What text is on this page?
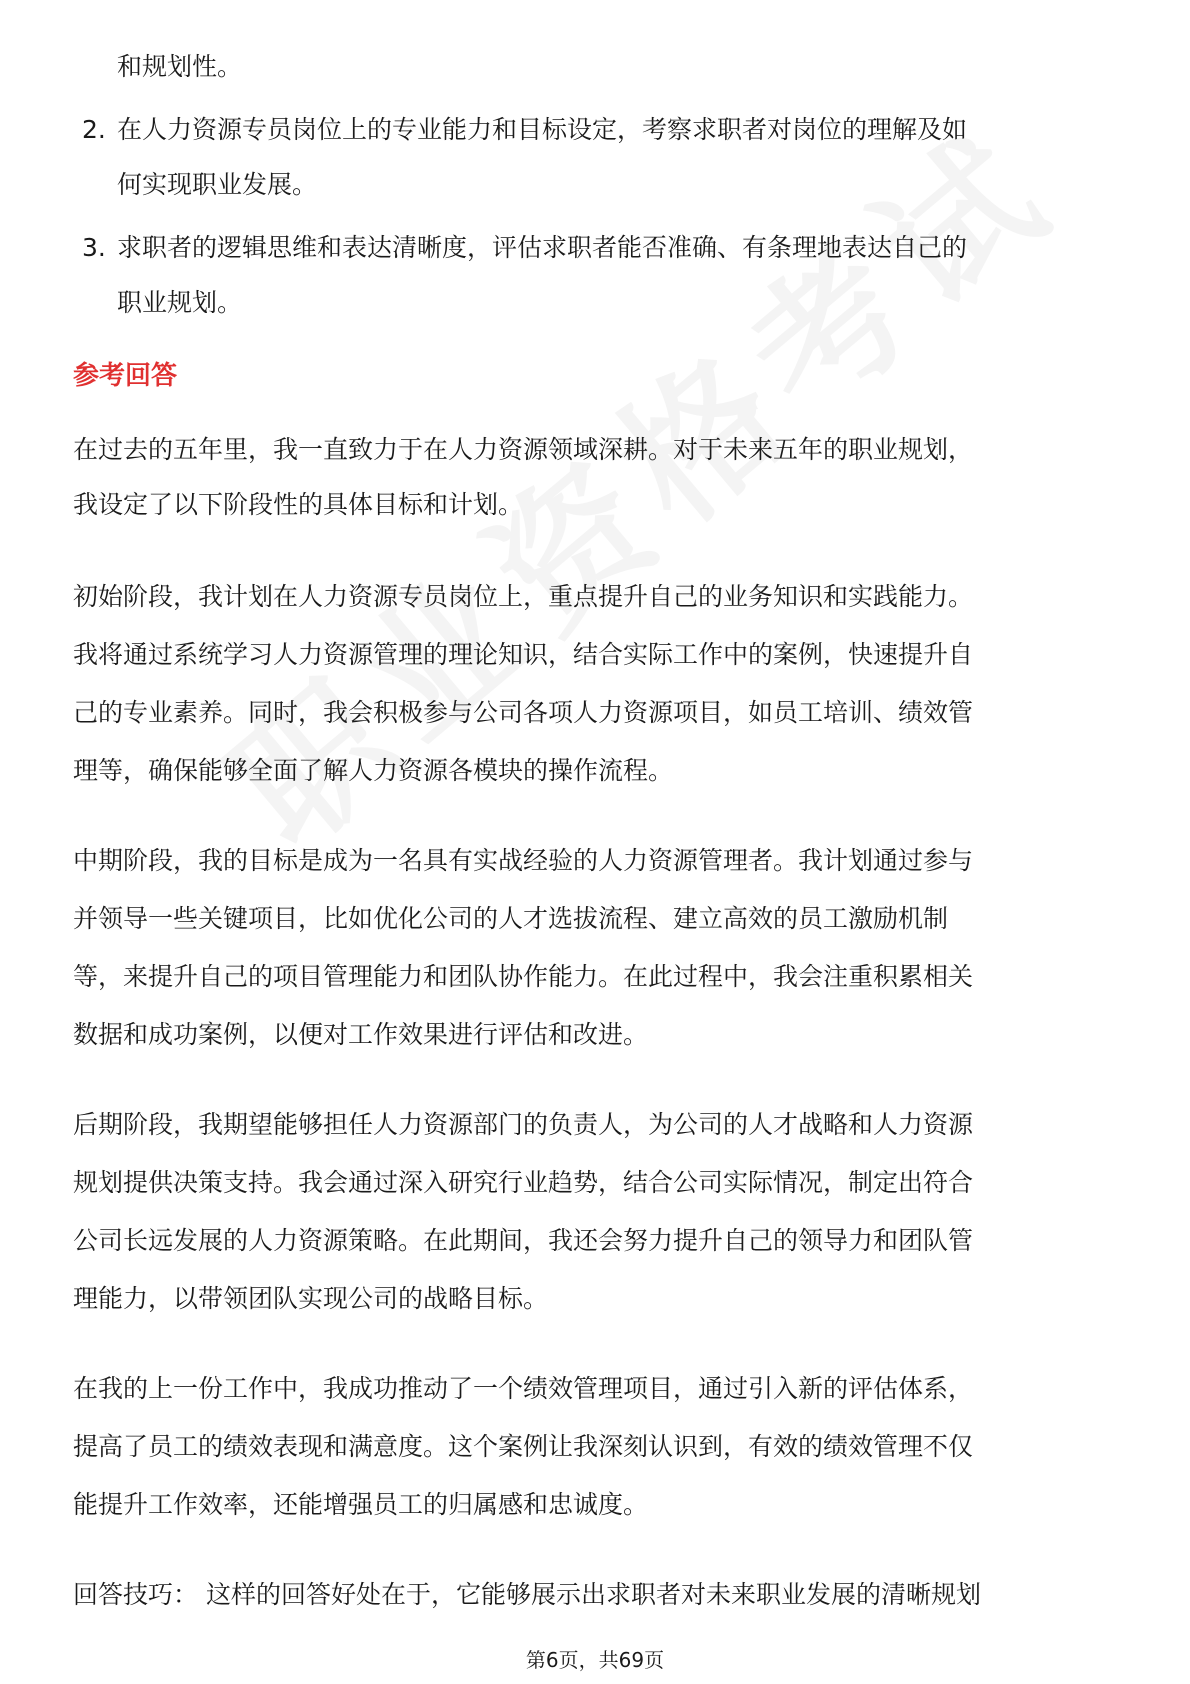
和规划性。
2. 在人力资源专员岗位上的专业能力和目标设定，考察求职者对岗位的理解及如
何实现职业发展。
3. 求职者的逻辑思维和表达清晰度，评估求职者能否准确、有条理地表达自己的
职业规划。
参考回答
在过去的五年里，我一直致力于在人力资源领域深耕。对于未来五年的职业规划，
我设定了以下阶段性的具体目标和计划。
初始阶段，我计划在人力资源专员岗位上，重点提升自己的业务知识和实践能力。
我将通过系统学习人力资源管理的理论知识，结合实际工作中的案例，快速提升自
己的专业素养。同时，我会积极参与公司各项人力资源项目，如员工培训、绩效管
理等，确保能够全面了解人力资源各模块的操作流程。
中期阶段，我的目标是成为一名具有实战经验的人力资源管理者。我计划通过参与
并领导一些关键项目，比如优化公司的人才选拔流程、建立高效的员工激励机制
等，来提升自己的项目管理能力和团队协作能力。在此过程中，我会注重积累相关
数据和成功案例，以便对工作效果进行评估和改进。
后期阶段，我期望能够担任人力资源部门的负责人，为公司的人才战略和人力资源
规划提供决策支持。我会通过深入研究行业趋势，结合公司实际情况，制定出符合
公司长远发展的人力资源策略。在此期间，我还会努力提升自己的领导力和团队管
理能力，以带领团队实现公司的战略目标。
在我的上一份工作中，我成功推动了一个绩效管理项目，通过引入新的评估体系，
提高了员工的绩效表现和满意度。这个案例让我深刻认识到，有效的绩效管理不仅
能提升工作效率，还能增强员工的归属感和忠诚度。
回答技巧： 这样的回答好处在于，它能够展示出求职者对未来职业发展的清晰规划
第6页，共69页
